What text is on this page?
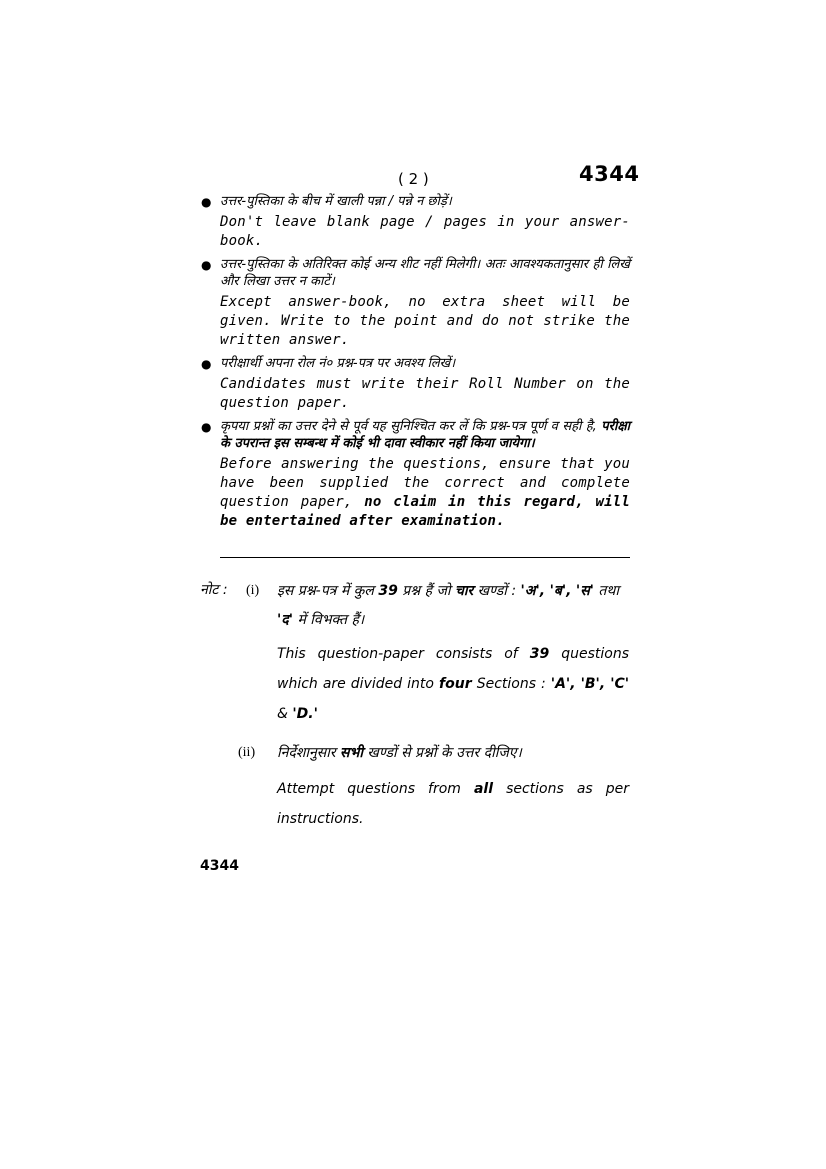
( 2 )	4344
● उत्तर-पुस्तिका के बीच में खाली पन्ना / पन्ने न छोड़ें।
Don't leave blank page / pages in your answer-book.
● उत्तर-पुस्तिका के अतिरिक्त कोई अन्य शीट नहीं मिलेगी। अतः आवश्यकतानुसार ही लिखें और लिखा उत्तर न काटें।
Except answer-book, no extra sheet will be given. Write to the point and do not strike the written answer.
● परीक्षार्थी अपना रोल नं० प्रश्न-पत्र पर अवश्य लिखें।
Candidates must write their Roll Number on the question paper.
● कृपया प्रश्नों का उत्तर देने से पूर्व यह सुनिश्चित कर लें कि प्रश्न-पत्र पूर्ण व सही है, परीक्षा के उपरान्त इस सम्बन्ध में कोई भी दावा स्वीकार नहीं किया जायेगा।
Before answering the questions, ensure that you have been supplied the correct and complete question paper, no claim in this regard, will be entertained after examination.
नोट : (i) इस प्रश्न-पत्र में कुल 39 प्रश्न हैं जो चार खण्डों : 'अ', 'ब', 'स' तथा 'द' में विभक्त हैं।
This question-paper consists of 39 questions which are divided into four Sections : 'A', 'B', 'C' & 'D.'
(ii) निर्देशानुसार सभी खण्डों से प्रश्नों के उत्तर दीजिए।
Attempt questions from all sections as per instructions.
4344
